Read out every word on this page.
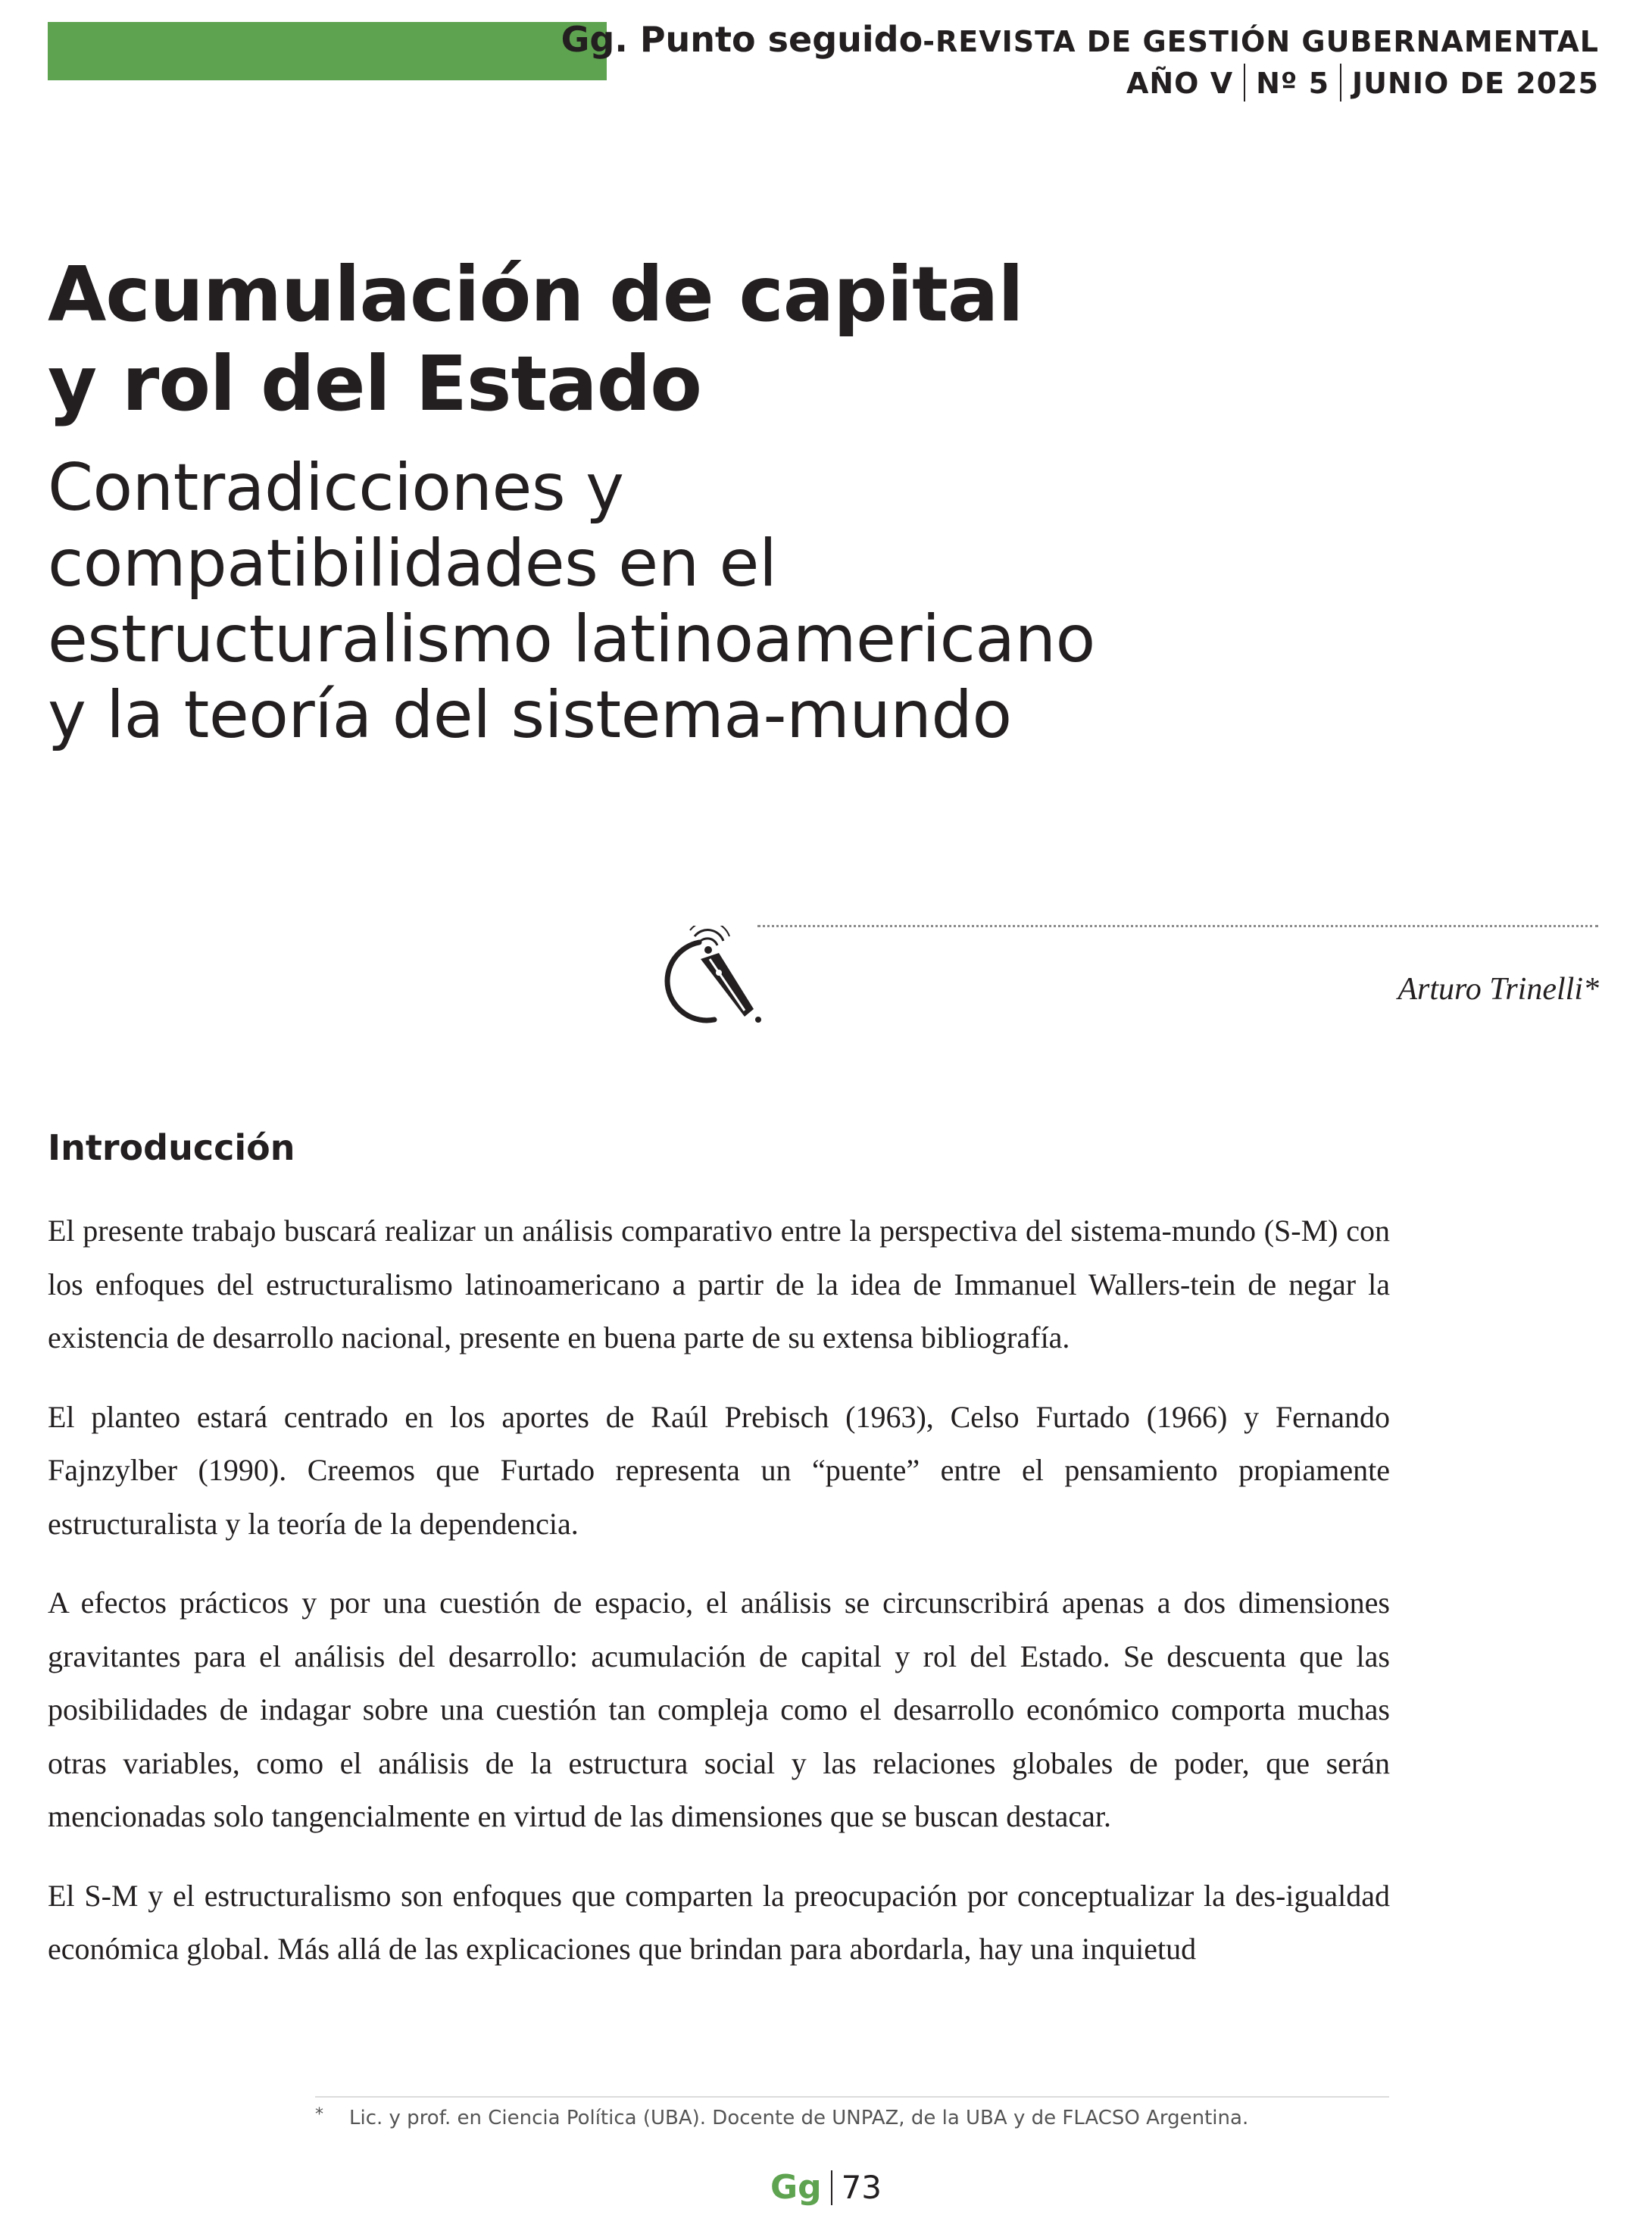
Gg. Punto seguido-REVISTA DE GESTIÓN GUBERNAMENTAL
AÑO V Nº 5 JUNIO DE 2025
Acumulación de capital
y rol del Estado
Contradicciones y
compatibilidades en el
estructuralismo latinoamericano
y la teoría del sistema-mundo
Arturo Trinelli*
Introducción

El presente trabajo buscará realizar un análisis comparativo entre la perspectiva del sistema-mundo (S-M) con los enfoques del estructuralismo latinoamericano a partir de la idea de Immanuel Wallers-tein de negar la existencia de desarrollo nacional, presente en buena parte de su extensa bibliografía.

El planteo estará centrado en los aportes de Raúl Prebisch (1963), Celso Furtado (1966) y Fernando Fajnzylber (1990). Creemos que Furtado representa un “puente” entre el pensamiento propiamente estructuralista y la teoría de la dependencia.

A efectos prácticos y por una cuestión de espacio, el análisis se circunscribirá apenas a dos dimensiones gravitantes para el análisis del desarrollo: acumulación de capital y rol del Estado. Se descuenta que las posibilidades de indagar sobre una cuestión tan compleja como el desarrollo económico comporta muchas otras variables, como el análisis de la estructura social y las relaciones globales de poder, que serán mencionadas solo tangencialmente en virtud de las dimensiones que se buscan destacar.

El S-M y el estructuralismo son enfoques que comparten la preocupación por conceptualizar la des-igualdad económica global. Más allá de las explicaciones que brindan para abordarla, hay una inquietud

* Lic. y prof. en Ciencia Política (UBA). Docente de UNPAZ, de la UBA y de FLACSO Argentina.
Gg 73
